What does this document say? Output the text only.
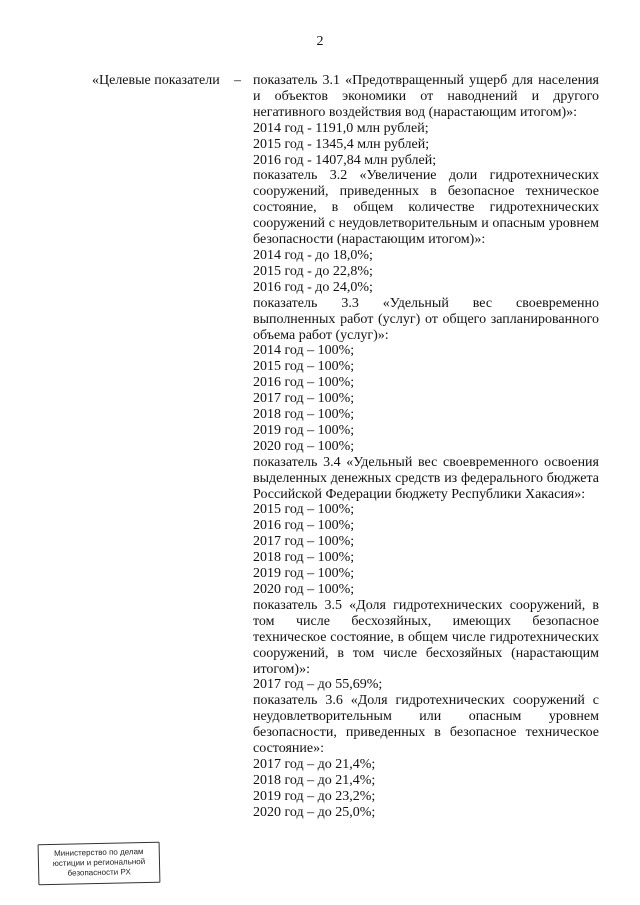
2
«Целевые показатели – показатель 3.1 «Предотвращенный ущерб для населения и объектов экономики от наводнений и другого негативного воздействия вод (нарастающим итогом)»:

2014 год - 1191,0 млн рублей;

2015 год - 1345,4 млн рублей;

2016 год - 1407,84 млн рублей;

показатель 3.2 «Увеличение доли гидротехнических сооружений, приведенных в безопасное техническое состояние, в общем количестве гидротехнических сооружений с неудовлетворительным и опасным уровнем безопасности (нарастающим итогом)»:

2014 год - до 18,0%;

2015 год - до 22,8%;

2016 год - до 24,0%;

показатель 3.3 «Удельный вес своевременно выполненных работ (услуг) от общего запланированного объема работ (услуг)»:

2014 год – 100%;

2015 год – 100%;

2016 год – 100%;

2017 год – 100%;

2018 год – 100%;

2019 год – 100%;

2020 год – 100%;

показатель 3.4 «Удельный вес своевременного освоения выделенных денежных средств из федерального бюджета Российской Федерации бюджету Республики Хакасия»:

2015 год – 100%;

2016 год – 100%;

2017 год – 100%;

2018 год – 100%;

2019 год – 100%;

2020 год – 100%;

показатель 3.5 «Доля гидротехнических сооружений, в том числе бесхозяйных, имеющих безопасное техническое состояние, в общем числе гидротехнических сооружений, в том числе бесхозяйных (нарастающим итогом)»:

2017 год – до 55,69%;

показатель 3.6 «Доля гидротехнических сооружений с неудовлетворительным или опасным уровнем безопасности, приведенных в безопасное техническое состояние»:

2017 год – до 21,4%;

2018 год – до 21,4%;

2019 год – до 23,2%;

2020 год – до 25,0%;

Министерство по делам
юстиции и региональной
безопасности РХ
